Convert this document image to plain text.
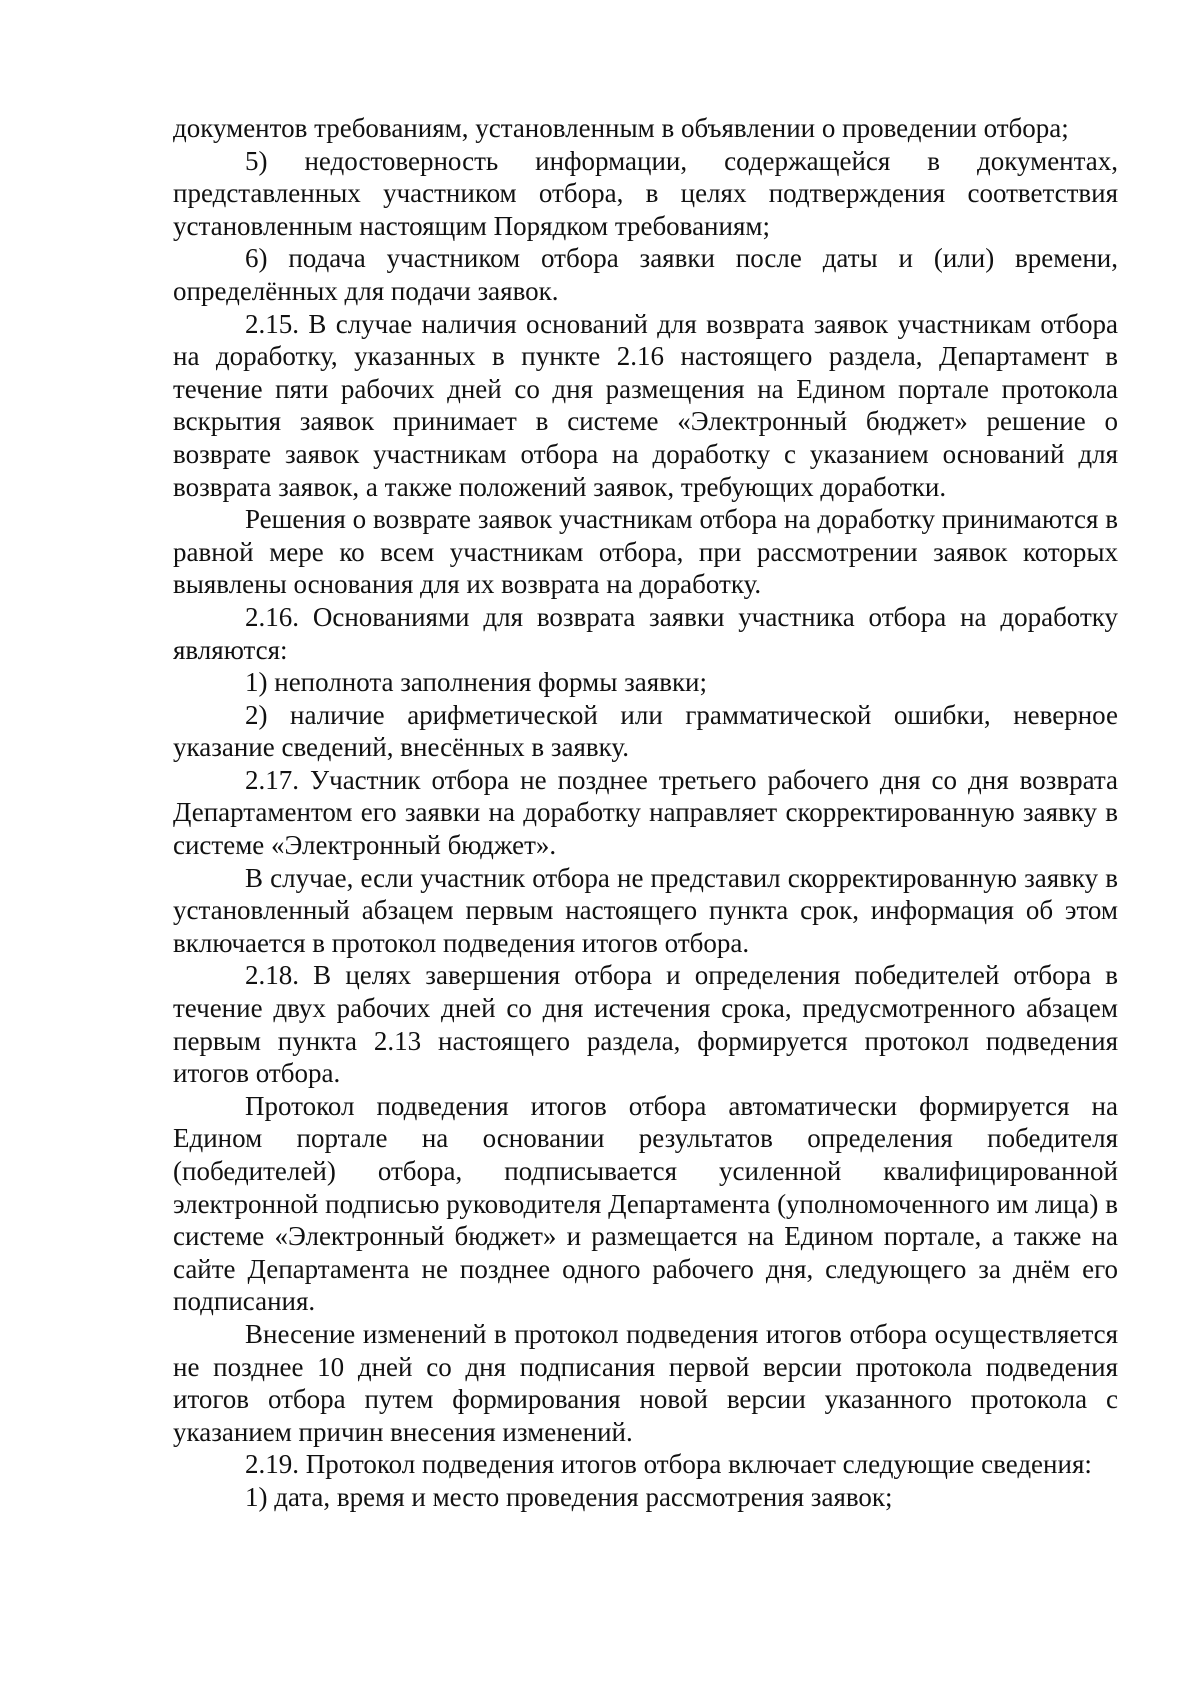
документов требованиям, установленным в объявлении о проведении отбора;

5) недостоверность информации, содержащейся в документах, представленных участником отбора, в целях подтверждения соответствия установленным настоящим Порядком требованиям;

6) подача участником отбора заявки после даты и (или) времени, определённых для подачи заявок.

2.15. В случае наличия оснований для возврата заявок участникам отбора на доработку, указанных в пункте 2.16 настоящего раздела, Департамент в течение пяти рабочих дней со дня размещения на Едином портале протокола вскрытия заявок принимает в системе «Электронный бюджет» решение о возврате заявок участникам отбора на доработку с указанием оснований для возврата заявок, а также положений заявок, требующих доработки.

Решения о возврате заявок участникам отбора на доработку принимаются в равной мере ко всем участникам отбора, при рассмотрении заявок которых выявлены основания для их возврата на доработку.

2.16. Основаниями для возврата заявки участника отбора на доработку являются:

1) неполнота заполнения формы заявки;

2) наличие арифметической или грамматической ошибки, неверное указание сведений, внесённых в заявку.

2.17. Участник отбора не позднее третьего рабочего дня со дня возврата Департаментом его заявки на доработку направляет скорректированную заявку в системе «Электронный бюджет».

В случае, если участник отбора не представил скорректированную заявку в установленный абзацем первым настоящего пункта срок, информация об этом включается в протокол подведения итогов отбора.

2.18. В целях завершения отбора и определения победителей отбора в течение двух рабочих дней со дня истечения срока, предусмотренного абзацем первым пункта 2.13 настоящего раздела, формируется протокол подведения итогов отбора.

Протокол подведения итогов отбора автоматически формируется на Едином портале на основании результатов определения победителя (победителей) отбора, подписывается усиленной квалифицированной электронной подписью руководителя Департамента (уполномоченного им лица) в системе «Электронный бюджет» и размещается на Едином портале, а также на сайте Департамента не позднее одного рабочего дня, следующего за днём его подписания.

Внесение изменений в протокол подведения итогов отбора осуществляется не позднее 10 дней со дня подписания первой версии протокола подведения итогов отбора путем формирования новой версии указанного протокола с указанием причин внесения изменений.

2.19. Протокол подведения итогов отбора включает следующие сведения:

1) дата, время и место проведения рассмотрения заявок;
